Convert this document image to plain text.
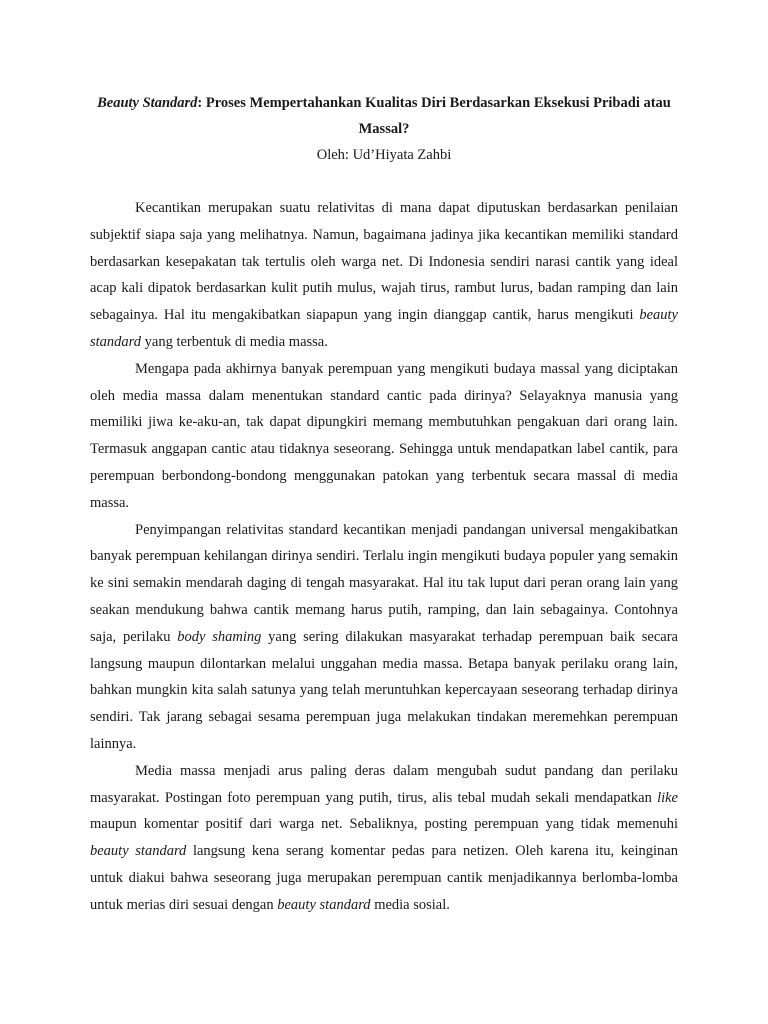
Beauty Standard: Proses Mempertahankan Kualitas Diri Berdasarkan Eksekusi Pribadi atau Massal?

Oleh: Ud’Hiyata Zahbi

Kecantikan merupakan suatu relativitas di mana dapat diputuskan berdasarkan penilaian subjektif siapa saja yang melihatnya. Namun, bagaimana jadinya jika kecantikan memiliki standard berdasarkan kesepakatan tak tertulis oleh warga net. Di Indonesia sendiri narasi cantik yang ideal acap kali dipatok berdasarkan kulit putih mulus, wajah tirus, rambut lurus, badan ramping dan lain sebagainya. Hal itu mengakibatkan siapapun yang ingin dianggap cantik, harus mengikuti beauty standard yang terbentuk di media massa.

Mengapa pada akhirnya banyak perempuan yang mengikuti budaya massal yang diciptakan oleh media massa dalam menentukan standard cantic pada dirinya? Selayaknya manusia yang memiliki jiwa ke-aku-an, tak dapat dipungkiri memang membutuhkan pengakuan dari orang lain. Termasuk anggapan cantic atau tidaknya seseorang. Sehingga untuk mendapatkan label cantik, para perempuan berbondong-bondong menggunakan patokan yang terbentuk secara massal di media massa.

Penyimpangan relativitas standard kecantikan menjadi pandangan universal mengakibatkan banyak perempuan kehilangan dirinya sendiri. Terlalu ingin mengikuti budaya populer yang semakin ke sini semakin mendarah daging di tengah masyarakat. Hal itu tak luput dari peran orang lain yang seakan mendukung bahwa cantik memang harus putih, ramping, dan lain sebagainya. Contohnya saja, perilaku body shaming yang sering dilakukan masyarakat terhadap perempuan baik secara langsung maupun dilontarkan melalui unggahan media massa. Betapa banyak perilaku orang lain, bahkan mungkin kita salah satunya yang telah meruntuhkan kepercayaan seseorang terhadap dirinya sendiri. Tak jarang sebagai sesama perempuan juga melakukan tindakan meremehkan perempuan lainnya.

Media massa menjadi arus paling deras dalam mengubah sudut pandang dan perilaku masyarakat. Postingan foto perempuan yang putih, tirus, alis tebal mudah sekali mendapatkan like maupun komentar positif dari warga net. Sebaliknya, posting perempuan yang tidak memenuhi beauty standard langsung kena serang komentar pedas para netizen. Oleh karena itu, keinginan untuk diakui bahwa seseorang juga merupakan perempuan cantik menjadikannya berlomba-lomba untuk merias diri sesuai dengan beauty standard media sosial.
